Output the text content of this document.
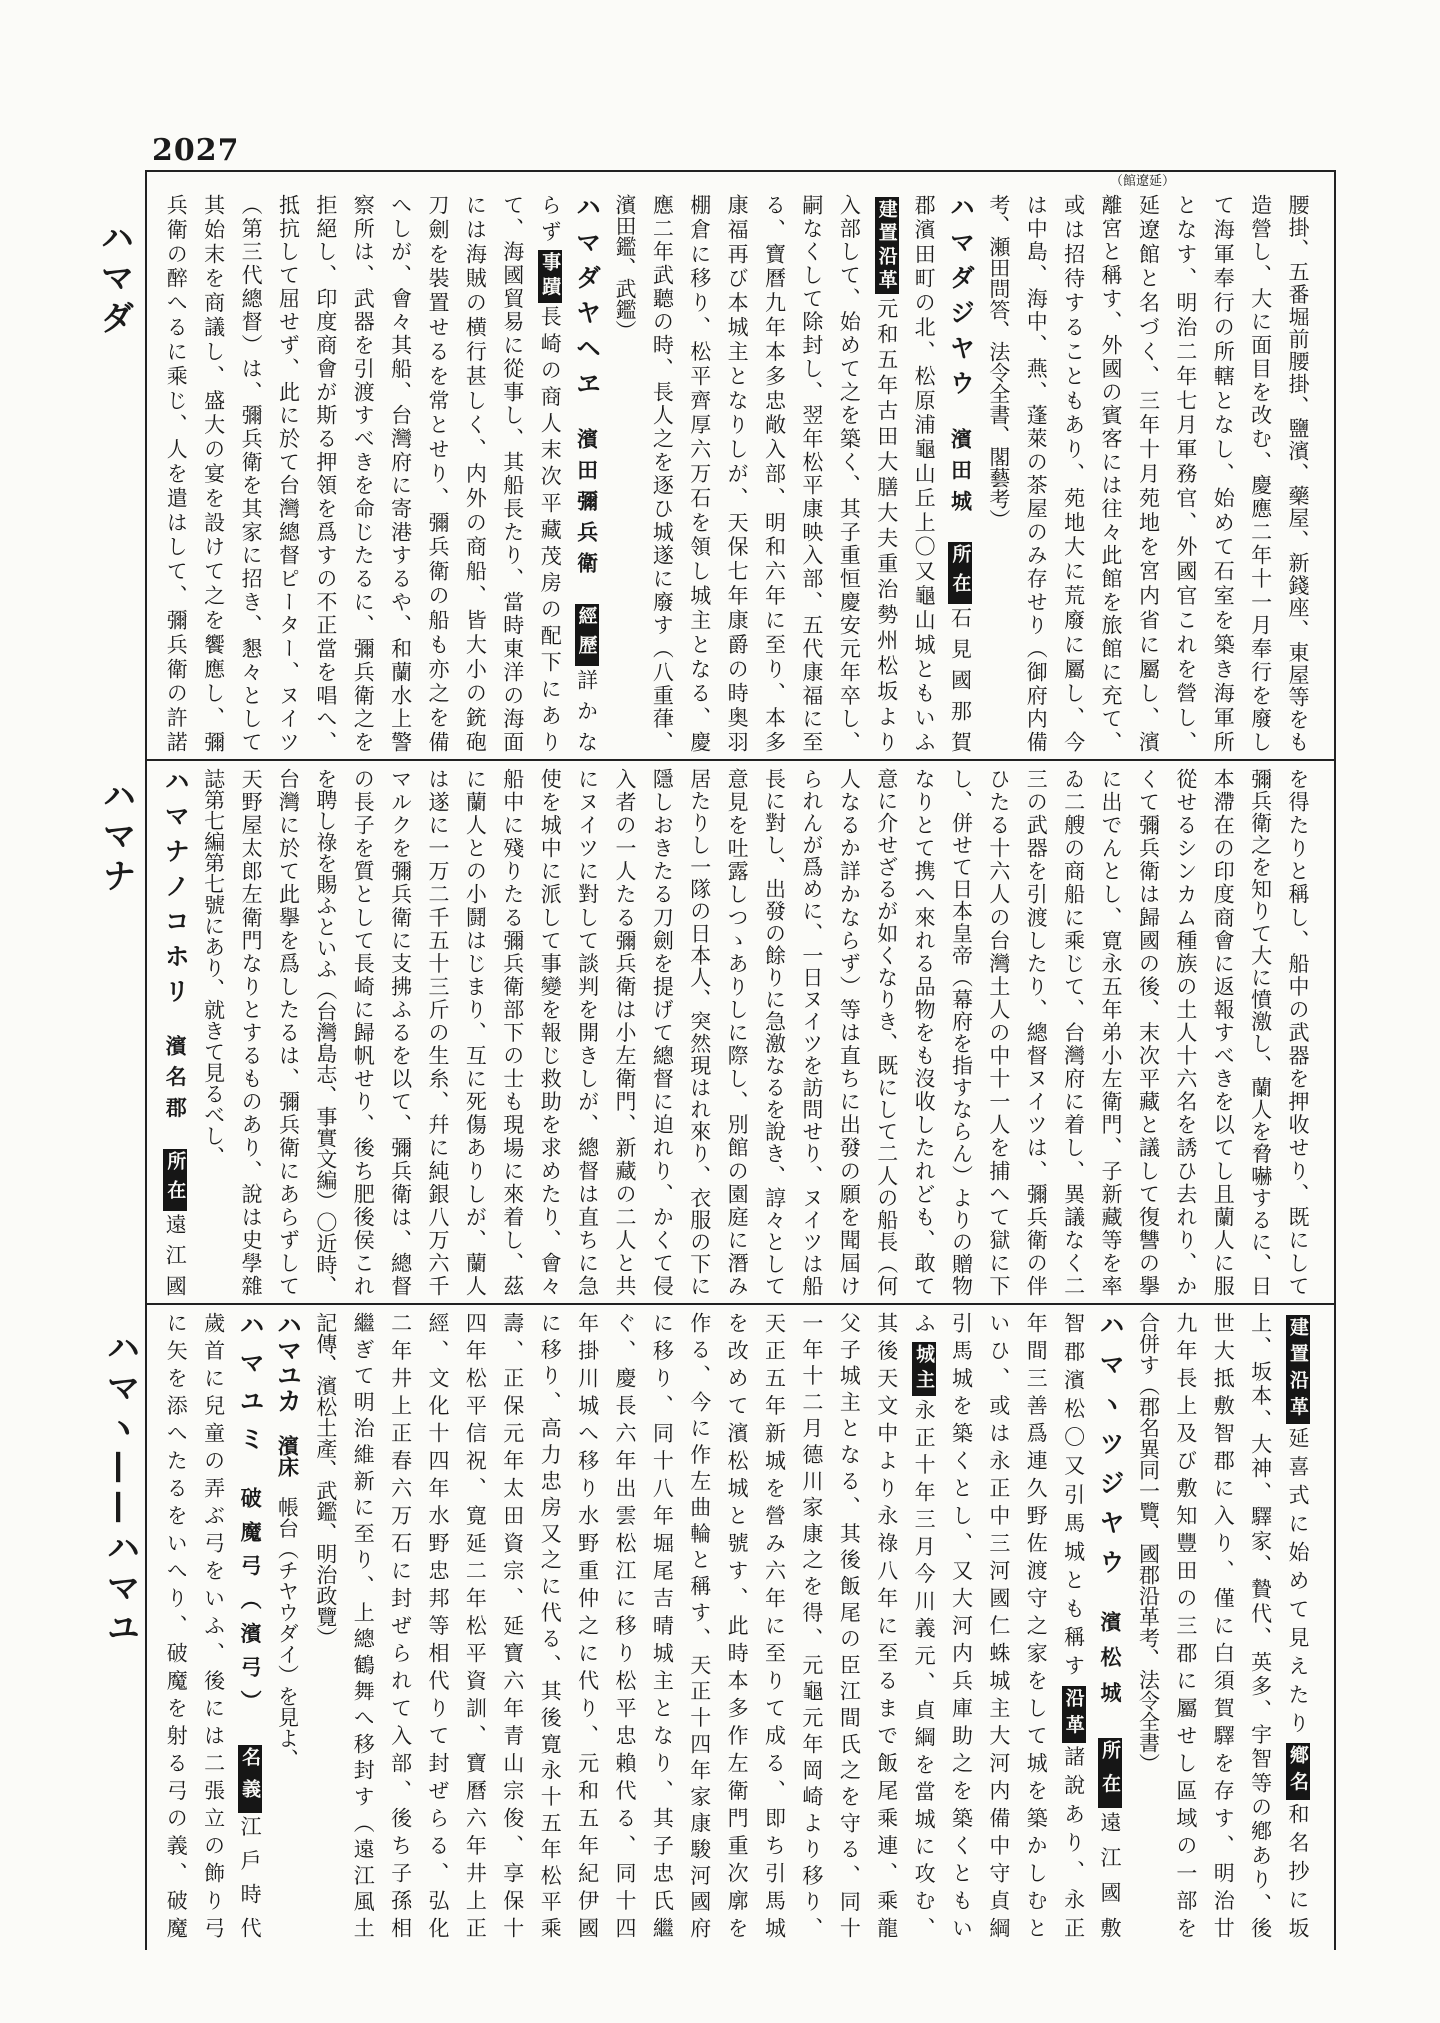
2027
（館遼延）
ハマダ
ハマナ
ハマヽ——ハマユ
腰掛、五番堀前腰掛、鹽濱、藥屋、新錢座、東屋等をも
造營し、大に面目を改む、慶應二年十一月奉行を廢し
て海軍奉行の所轄となし、始めて石室を築き海軍所
となす、明治二年七月軍務官、外國官これを營し、
延遼館と名づく、三年十月苑地を宮内省に屬し、濱
離宮と稱す、外國の賓客には往々此館を旅館に充て、
或は招待することもあり、苑地大に荒廢に屬し、今
は中島、海中、燕、蓬萊の茶屋のみ存せり（御府内備
考、瀬田問答、法令全書、閣藝考）
ハマダジヤウ濱田城所在石見國那賀
郡濱田町の北、松原浦龜山丘上〇又龜山城ともいふ
建置沿革元和五年古田大膳大夫重治勢州松坂より
入部して、始めて之を築く、其子重恒慶安元年卒し、
嗣なくして除封し、翌年松平康映入部、五代康福に至
る、寶曆九年本多忠敞入部、明和六年に至り、本多
康福再び本城主となりしが、天保七年康爵の時奥羽
棚倉に移り、松平齊厚六万石を領し城主となる、慶
應二年武聽の時、長人之を逐ひ城遂に廢す（八重葎、
濱田鑑、武鑑）
ハマダヤヘヱ濱田彌兵衛經歷詳かな
らず事蹟長崎の商人末次平藏茂房の配下にあり
て、海國貿易に從事し、其船長たり、當時東洋の海面
には海賊の横行甚しく、内外の商船、皆大小の銃砲
刀劍を裝置せるを常とせり、彌兵衛の船も亦之を備
へしが、會々其船、台灣府に寄港するや、和蘭水上警
察所は、武器を引渡すべきを命じたるに、彌兵衛之を
拒絕し、印度商會が斯る押領を爲すの不正當を唱へ、
抵抗して屈せず、此に於て台灣總督ピーター、ヌイツ
（第三代總督）は、彌兵衛を其家に招き、懇々として
其始末を商議し、盛大の宴を設けて之を饗應し、彌
兵衛の醉へるに乘じ、人を遣はして、彌兵衛の許諾
を得たりと稱し、船中の武器を押收せり、既にして
彌兵衛之を知りて大に憤激し、蘭人を脅嚇するに、日
本滯在の印度商會に返報すべきを以てし且蘭人に服
從せるシンカム種族の土人十六名を誘ひ去れり、か
くて彌兵衛は歸國の後、末次平藏と議して復讐の擧
に出でんとし、寛永五年弟小左衛門、子新藏等を率
ゐ二艘の商船に乘じて、台灣府に着し、異議なく二
三の武器を引渡したり、總督ヌイツは、彌兵衛の伴
ひたる十六人の台灣土人の中十一人を捕へて獄に下
し、併せて日本皇帝（幕府を指すならん）よりの贈物
なりとて携へ來れる品物をも沒收したれども、敢て
意に介せざるが如くなりき、既にして二人の船長（何
人なるか詳かならず）等は直ちに出發の願を聞屆け
られんが爲めに、一日ヌイツを訪問せり、ヌイツは船
長に對し、出發の餘りに急激なるを說き、諄々として
意見を吐露しつゝありしに際し、別館の園庭に潛み
居たりし一隊の日本人、突然現はれ來り、衣服の下に
隱しおきたる刀劍を提げて總督に迫れり、かくて侵
入者の一人たる彌兵衛は小左衛門、新藏の二人と共
にヌイツに對して談判を開きしが、總督は直ちに急
使を城中に派して事變を報じ救助を求めたり、會々
船中に殘りたる彌兵衛部下の士も現場に來着し、茲
に蘭人との小鬪はじまり、互に死傷ありしが、蘭人
は遂に一万二千五十三斤の生糸、幷に純銀八万六千
マルクを彌兵衛に支拂ふるを以て、彌兵衛は、總督
の長子を質として長崎に歸帆せり、後ち肥後侯これ
を聘し祿を賜ふといふ（台灣島志、事實文編）〇近時、
台灣に於て此擧を爲したるは、彌兵衛にあらずして
天野屋太郎左衛門なりとするものあり、說は史學雜
誌第七編第七號にあり、就きて見るべし、
ハマナノコホリ濱名郡所在遠江國
建置沿革延喜式に始めて見えたり鄕名和名抄に坂
上、坂本、大神、驛家、贄代、英多、宇智等の鄕あり、後
世大抵敷智郡に入り、僅に白須賀驛を存す、明治廿
九年長上及び敷知豐田の三郡に屬せし區域の一部を
合併す（郡名異同一覽、國郡沿革考、法令全書）
ハマヽツジヤウ濱松城所在遠江國敷
智郡濱松〇又引馬城とも稱す沿革諸說あり、永正
年間三善爲連久野佐渡守之家をして城を築かしむと
いひ、或は永正中三河國仁蛛城主大河内備中守貞綱
引馬城を築くとし、又大河内兵庫助之を築くともい
ふ城主永正十年三月今川義元、貞綱を當城に攻む、
其後天文中より永祿八年に至るまで飯尾乘連、乘龍
父子城主となる、其後飯尾の臣江間氏之を守る、同十
一年十二月德川家康之を得、元龜元年岡崎より移り、
天正五年新城を營み六年に至りて成る、即ち引馬城
を改めて濱松城と號す、此時本多作左衛門重次廓を
作る、今に作左曲輪と稱す、天正十四年家康駿河國府
に移り、同十八年堀尾吉晴城主となり、其子忠氏繼
ぐ、慶長六年出雲松江に移り松平忠賴代る、同十四
年掛川城へ移り水野重仲之に代り、元和五年紀伊國
に移り、高力忠房又之に代る、其後寛永十五年松平乘
壽、正保元年太田資宗、延寶六年青山宗俊、享保十
四年松平信祝、寛延二年松平資訓、寶曆六年井上正
經、文化十四年水野忠邦等相代りて封ぜらる、弘化
二年井上正春六万石に封ぜられて入部、後ち子孫相
繼ぎて明治維新に至り、上總鶴舞へ移封す（遠江風土
記傳、濱松土產、武鑑、明治政覽）
ハマユカ濱床帳台（チヤウダイ）を見よ、
ハマユミ破魔弓（濱弓）名義江戶時代
歲首に兒童の弄ぶ弓をいふ、後には二張立の飾り弓
に矢を添へたるをいへり、破魔を射る弓の義、破魔
